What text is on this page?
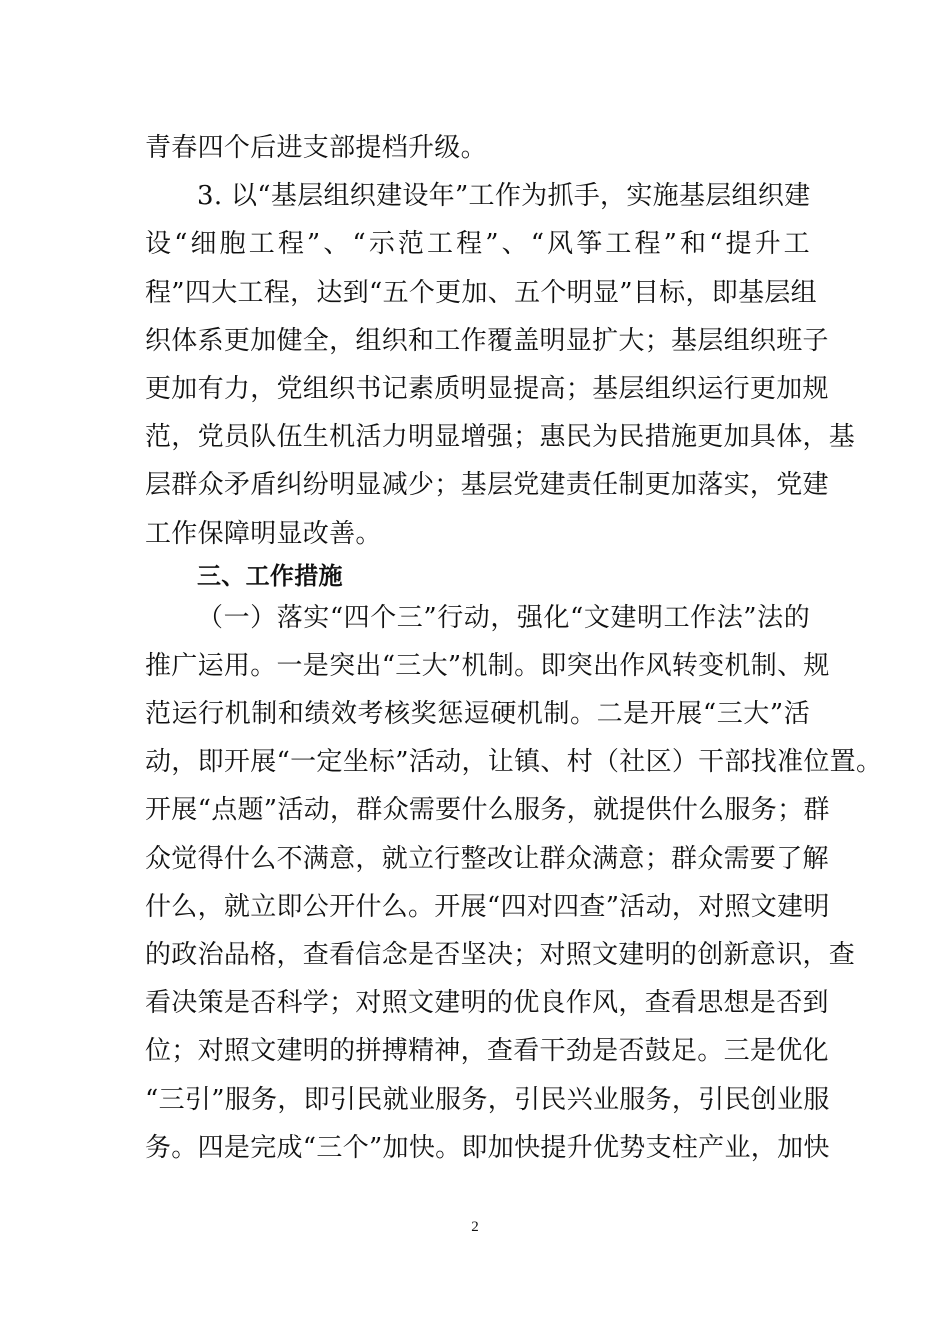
青春四个后进支部提档升级。
3. 以“基层组织建设年”工作为抓手，实施基层组织建
设“细胞工程”、“示范工程”、“风筝工程”和“提升工
程”四大工程，达到“五个更加、五个明显”目标，即基层组
织体系更加健全，组织和工作覆盖明显扩大；基层组织班子
更加有力，党组织书记素质明显提高；基层组织运行更加规
范，党员队伍生机活力明显增强；惠民为民措施更加具体，基
层群众矛盾纠纷明显减少；基层党建责任制更加落实，党建
工作保障明显改善。
三、工作措施
（一）落实“四个三”行动，强化“文建明工作法”法的
推广运用。一是突出“三大”机制。即突出作风转变机制、规
范运行机制和绩效考核奖惩逗硬机制。二是开展“三大”活
动，即开展“一定坐标”活动，让镇、村（社区）干部找准位置。
开展“点题”活动，群众需要什么服务，就提供什么服务；群
众觉得什么不满意，就立行整改让群众满意；群众需要了解
什么，就立即公开什么。开展“四对四查”活动，对照文建明
的政治品格，查看信念是否坚决；对照文建明的创新意识，查
看决策是否科学；对照文建明的优良作风，查看思想是否到
位；对照文建明的拼搏精神，查看干劲是否鼓足。三是优化
“三引”服务，即引民就业服务，引民兴业服务，引民创业服
务。四是完成“三个”加快。即加快提升优势支柱产业，加快
2
